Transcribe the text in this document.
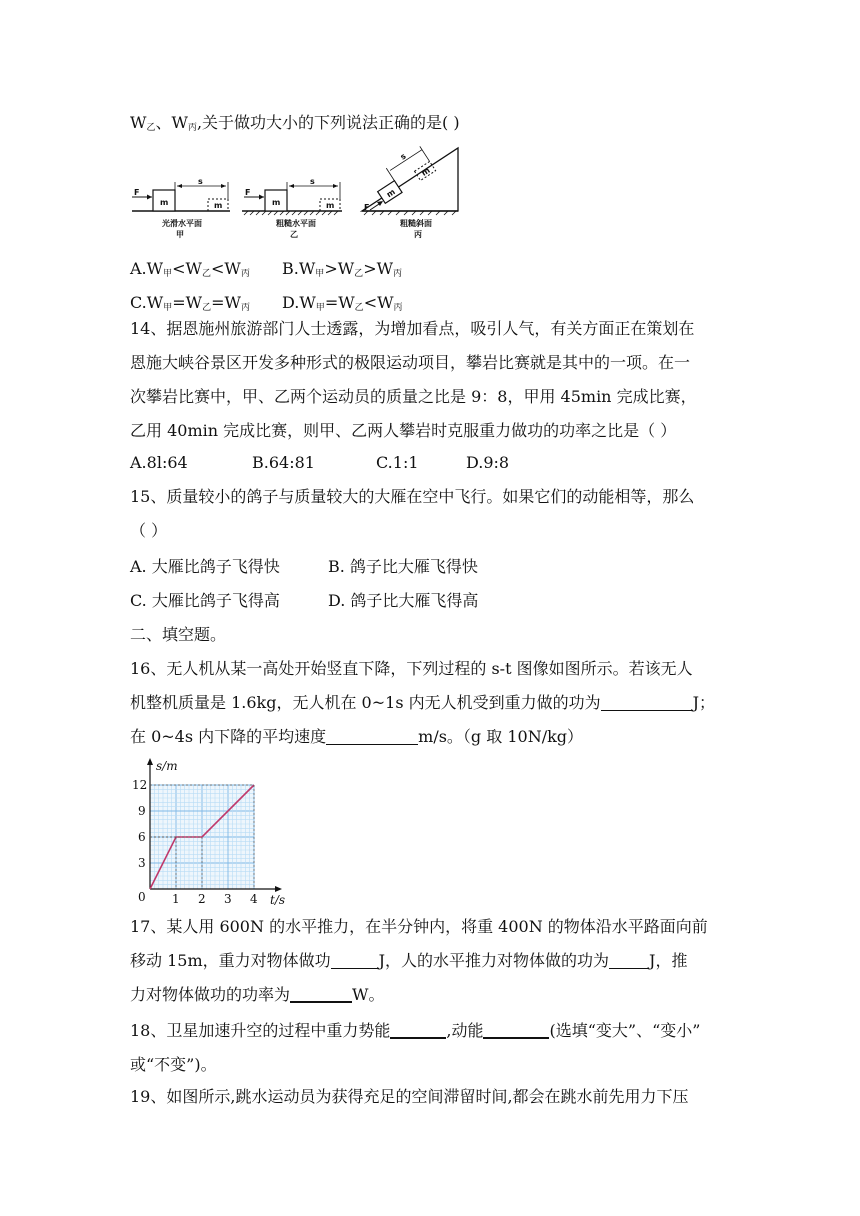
$W_乙$、$W_丙$,关于做功大小的下列说法正确的是( )
F
m	m
s
光滑水平面
甲
F
m	m
s
粗糙水平面
乙
m
m
s
F
粗糙斜面
丙
$A.W_甲<W_乙<W_丙$ $B.W_甲>W_乙>W_丙$
$C.W_甲=W_乙=W_丙$ $D.W_甲=W_乙<W_丙$
14、据恩施州旅游部门人士透露，为增加看点，吸引人气，有关方面正在策划在
恩施大峡谷景区开发多种形式的极限运动项目，攀岩比赛就是其中的一项。在一
次攀岩比赛中，甲、乙两个运动员的质量之比是 9：8，甲用 45min 完成比赛，
乙用 40min 完成比赛，则甲、乙两人攀岩时克服重力做功的功率之比是（ ）
A.8l:64	B.64:81	C.1:1	D.9:8
15、质量较小的鸽子与质量较大的大雁在空中飞行。如果它们的动能相等，那么
（ ）
A. 大雁比鸽子飞得快	B. 鸽子比大雁飞得快
C. 大雁比鸽子飞得高	D. 鸽子比大雁飞得高
二、填空题。
16、无人机从某一高处开始竖直下降，下列过程的 s-t 图像如图所示。若该无人
机整机质量是 1.6kg，无人机在 0~1s 内无人机受到重力做的功为	J；
在 0~4s 内下降的平均速度	m/s。（g 取 10N/kg）
1 2 3 4
3
6
9
12
s/m
t/s
0
17、某人用 600N 的水平推力，在半分钟内，将重 400N 的物体沿水平路面向前
移动 15m，重力对物体做功	J，人的水平推力对物体做的功为	J，推
力对物体做功的功率为	W。
18、卫星加速升空的过程中重力势能	,动能	(选填“变大”、“变小”
或“不变”)。
19、如图所示,跳水运动员为获得充足的空间滞留时间,都会在跳水前先用力下压
